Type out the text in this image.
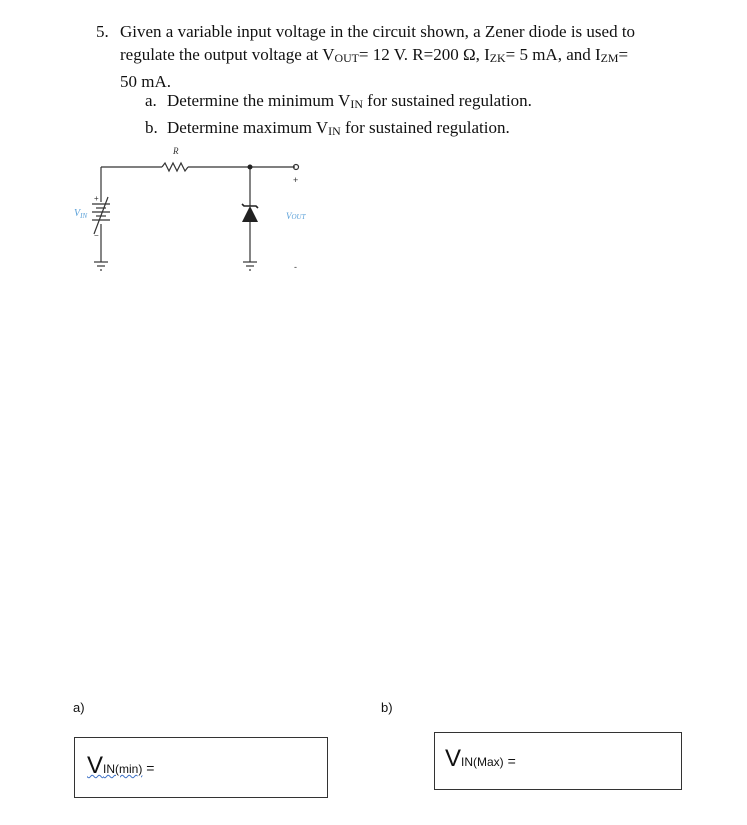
5. Given a variable input voltage in the circuit shown, a Zener diode is used to
regulate the output voltage at VOUT= 12 V. R=200 Ω, IZK= 5 mA, and IZM=
50 mA.
a. Determine the minimum VIN for sustained regulation.
b. Determine maximum VIN for sustained regulation.
R
$V_{IN}$	VOUT
+
−
+
-
a)	b)
VIN(min) =	VIN(Max) =
